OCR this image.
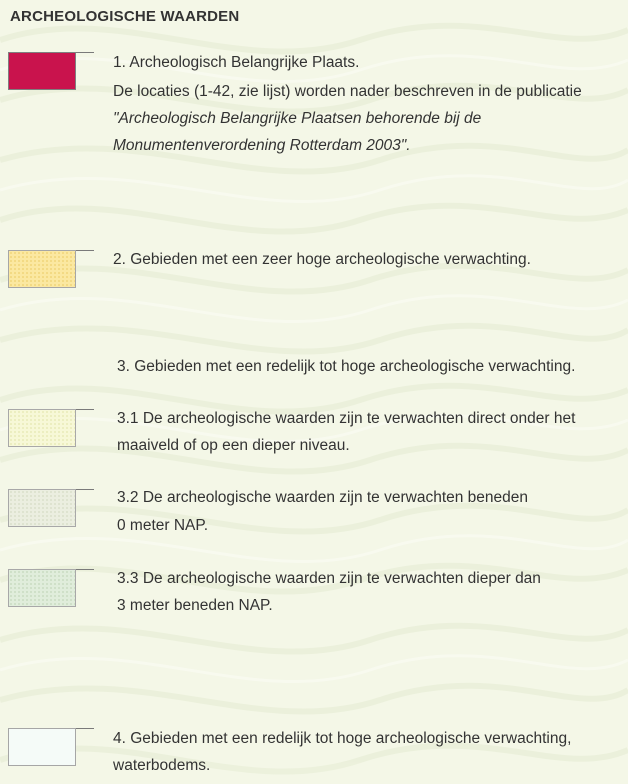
ARCHEOLOGISCHE WAARDEN
1. Archeologisch Belangrijke Plaats.
De locaties (1-42, zie lijst) worden nader beschreven in de publicatie
"Archeologisch Belangrijke Plaatsen behorende bij de
Monumentenverordening Rotterdam 2003".
2. Gebieden met een zeer hoge archeologische verwachting.
3. Gebieden met een redelijk tot hoge archeologische verwachting.
3.1 De archeologische waarden zijn te verwachten direct onder het
maaiveld of op een dieper niveau.
3.2 De archeologische waarden zijn te verwachten beneden
0 meter NAP.
3.3 De archeologische waarden zijn te verwachten dieper dan
3 meter beneden NAP.
4. Gebieden met een redelijk tot hoge archeologische verwachting,
waterbodems.
